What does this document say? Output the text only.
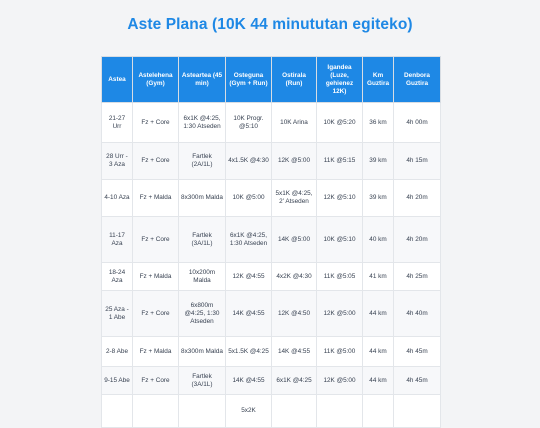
Aste Plana (10K 44 minututan egiteko)
Astea	Astelehena (Gym)	Asteartea (45 min)	Osteguna (Gym + Run)	Ostirala (Run)	Igandea (Luze, gehienez 12K)	Km Guztira	Denbora Guztira
21-27 Urr	Fz + Core	6x1K @4:25, 1:30 Atseden	10K Progr. @5:10	10K Arina	10K @5:20	36 km	4h 00m
28 Urr - 3 Aza	Fz + Core	Fartlek (2A/1L)	4x1.5K @4:30	12K @5:00	11K @5:15	39 km	4h 15m
4-10 Aza	Fz + Malda	8x300m Malda	10K @5:00	5x1K @4:25, 2' Atseden	12K @5:10	39 km	4h 20m
11-17 Aza	Fz + Core	Fartlek (3A/1L)	6x1K @4:25, 1:30 Atseden	14K @5:00	10K @5:10	40 km	4h 20m
18-24 Aza	Fz + Malda	10x200m Malda	12K @4:55	4x2K @4:30	11K @5:05	41 km	4h 25m
25 Aza - 1 Abe	Fz + Core	6x800m @4:25, 1:30 Atseden	14K @4:55	12K @4:50	12K @5:00	44 km	4h 40m
2-8 Abe	Fz + Malda	8x300m Malda	5x1.5K @4:25	14K @4:55	11K @5:00	44 km	4h 45m
9-15 Abe	Fz + Core	Fartlek (3A/1L)	14K @4:55	6x1K @4:25	12K @5:00	44 km	4h 45m
			5x2K				
